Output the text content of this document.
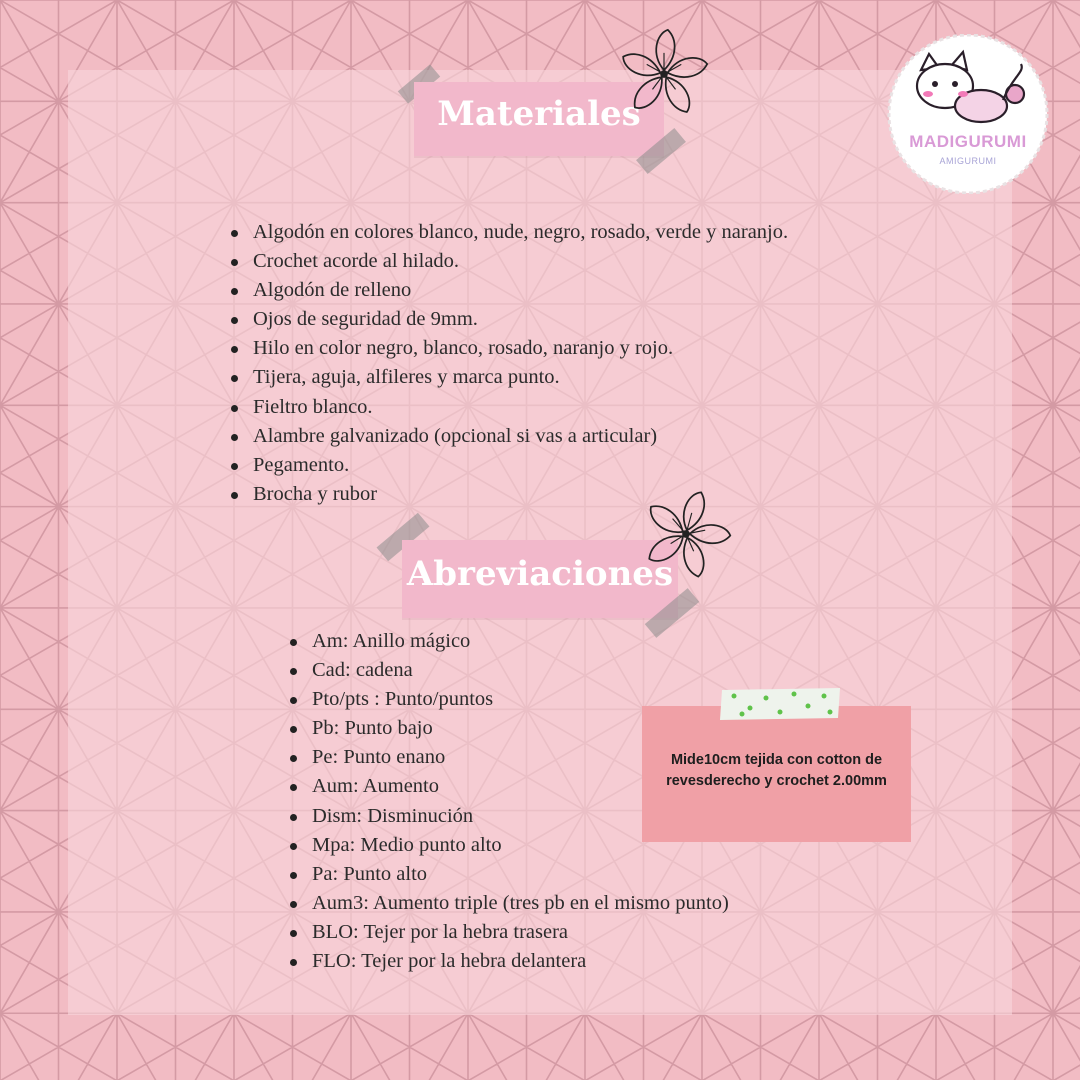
Materiales
MADIGURUMI
AMIGURUMI
Algodón en colores blanco, nude, negro, rosado, verde y naranjo.
Crochet acorde al hilado.
Algodón de relleno
Ojos de seguridad de 9mm.
Hilo en color negro, blanco, rosado, naranjo y rojo.
Tijera, aguja, alfileres y marca punto.
Fieltro blanco.
Alambre galvanizado (opcional si vas a articular)
Pegamento.
Brocha y rubor
Abreviaciones
Am: Anillo mágico
Cad: cadena
Pto/pts : Punto/puntos
Pb: Punto bajo
Pe: Punto enano
Aum: Aumento
Dism: Disminución
Mpa: Medio punto alto
Pa: Punto alto
Aum3: Aumento triple (tres pb en el mismo punto)
BLO: Tejer por la hebra trasera
FLO: Tejer por la hebra delantera
Mide10cm tejida con cotton de revesderecho y crochet 2.00mm
